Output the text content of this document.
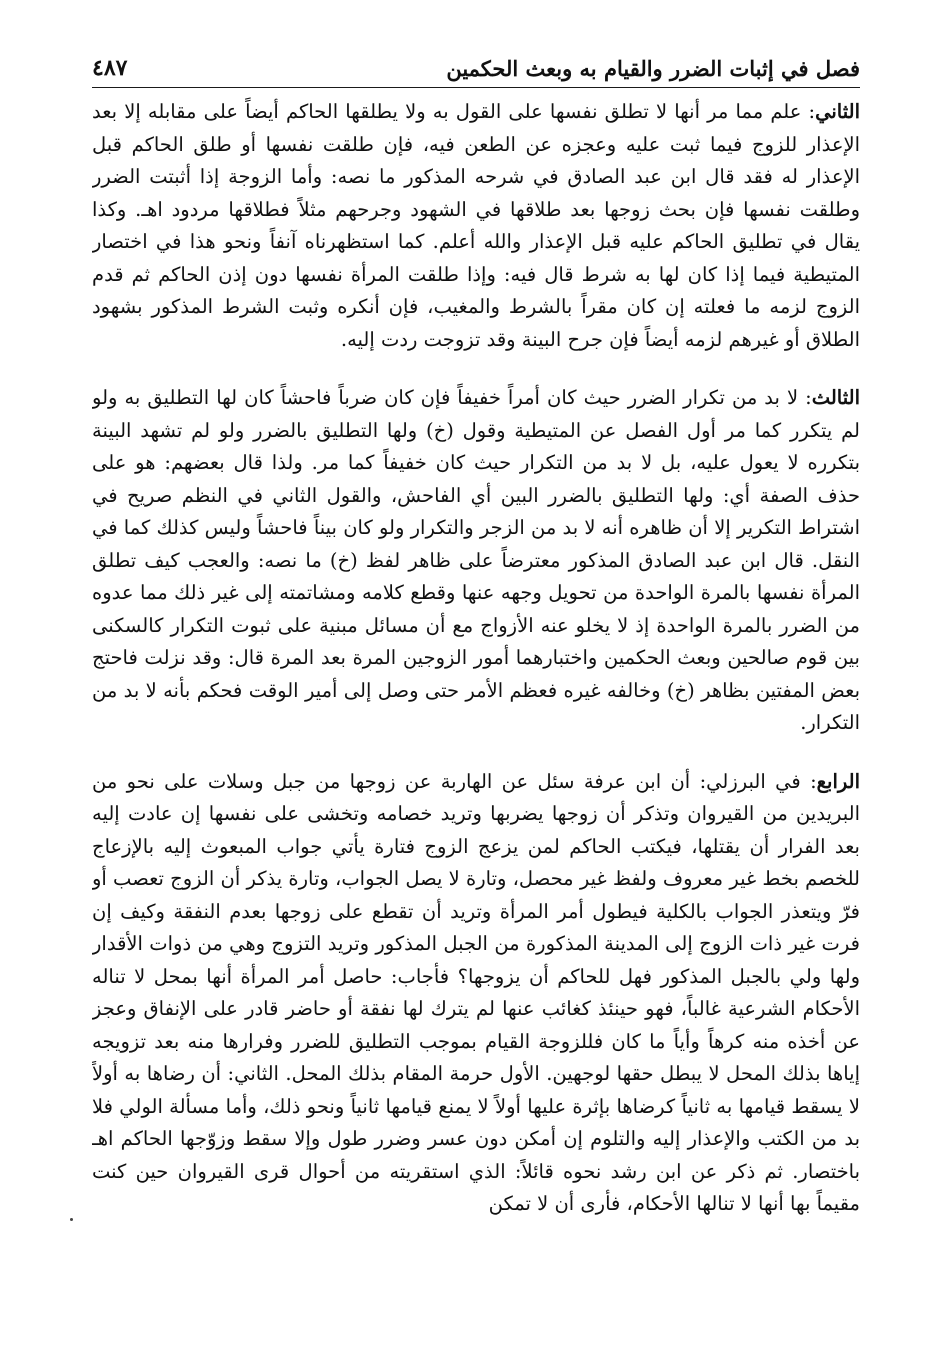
فصل في إثبات الضرر والقيام به وبعث الحكمين
٤٨٧

الثاني: علم مما مر أنها لا تطلق نفسها على القول به ولا يطلقها الحاكم أيضاً على مقابله إلا بعد الإعذار للزوج فيما ثبت عليه وعجزه عن الطعن فيه، فإن طلقت نفسها أو طلق الحاكم قبل الإعذار له فقد قال ابن عبد الصادق في شرحه المذكور ما نصه: وأما الزوجة إذا أثبتت الضرر وطلقت نفسها فإن بحث زوجها بعد طلاقها في الشهود وجرحهم مثلاً فطلاقها مردود اهـ. وكذا يقال في تطليق الحاكم عليه قبل الإعذار والله أعلم. كما استظهرناه آنفاً ونحو هذا في اختصار المتيطية فيما إذا كان لها به شرط قال فيه: وإذا طلقت المرأة نفسها دون إذن الحاكم ثم قدم الزوج لزمه ما فعلته إن كان مقراً بالشرط والمغيب، فإن أنكره وثبت الشرط المذكور بشهود الطلاق أو غيرهم لزمه أيضاً فإن جرح البينة وقد تزوجت ردت إليه.

الثالث: لا بد من تكرار الضرر حيث كان أمراً خفيفاً فإن كان ضرباً فاحشاً كان لها التطليق به ولو لم يتكرر كما مر أول الفصل عن المتيطية وقول (خ) ولها التطليق بالضرر ولو لم تشهد البينة بتكرره لا يعول عليه، بل لا بد من التكرار حيث كان خفيفاً كما مر. ولذا قال بعضهم: هو على حذف الصفة أي: ولها التطليق بالضرر البين أي الفاحش، والقول الثاني في النظم صريح في اشتراط التكرير إلا أن ظاهره أنه لا بد من الزجر والتكرار ولو كان بيناً فاحشاً وليس كذلك كما في النقل. قال ابن عبد الصادق المذكور معترضاً على ظاهر لفظ (خ) ما نصه: والعجب كيف تطلق المرأة نفسها بالمرة الواحدة من تحويل وجهه عنها وقطع كلامه ومشاتمته إلى غير ذلك مما عدوه من الضرر بالمرة الواحدة إذ لا يخلو عنه الأزواج مع أن مسائل مبنية على ثبوت التكرار كالسكنى بين قوم صالحين وبعث الحكمين واختبارهما أمور الزوجين المرة بعد المرة قال: وقد نزلت فاحتج بعض المفتين بظاهر (خ) وخالفه غيره فعظم الأمر حتى وصل إلى أمير الوقت فحكم بأنه لا بد من التكرار.

الرابع: في البرزلي: أن ابن عرفة سئل عن الهاربة عن زوجها من جبل وسلات على نحو من البريدين من القيروان وتذكر أن زوجها يضربها وتريد خصامه وتخشى على نفسها إن عادت إليه بعد الفرار أن يقتلها، فيكتب الحاكم لمن يزعج الزوج فتارة يأتي جواب المبعوث إليه بالإزعاج للخصم بخط غير معروف ولفظ غير محصل، وتارة لا يصل الجواب، وتارة يذكر أن الزوج تعصب أو فرّ ويتعذر الجواب بالكلية فيطول أمر المرأة وتريد أن تقطع على زوجها بعدم النفقة وكيف إن فرت غير ذات الزوج إلى المدينة المذكورة من الجبل المذكور وتريد التزوج وهي من ذوات الأقدار ولها ولي بالجبل المذكور فهل للحاكم أن يزوجها؟ فأجاب: حاصل أمر المرأة أنها بمحل لا تناله الأحكام الشرعية غالباً، فهو حينئذ كغائب عنها لم يترك لها نفقة أو حاضر قادر على الإنفاق وعجز عن أخذه منه كرهاً وأياً ما كان فللزوجة القيام بموجب التطليق للضرر وفرارها منه بعد تزويجه إياها بذلك المحل لا يبطل حقها لوجهين. الأول حرمة المقام بذلك المحل. الثاني: أن رضاها به أولاً لا يسقط قيامها به ثانياً كرضاها بإثرة عليها أولاً لا يمنع قيامها ثانياً ونحو ذلك، وأما مسألة الولي فلا بد من الكتب والإعذار إليه والتلوم إن أمكن دون عسر وضرر طول وإلا سقط وزوّجها الحاكم اهـ باختصار. ثم ذكر عن ابن رشد نحوه قائلاً: الذي استقريته من أحوال قرى القيروان حين كنت مقيماً بها أنها لا تنالها الأحكام، فأرى أن لا تمكن
